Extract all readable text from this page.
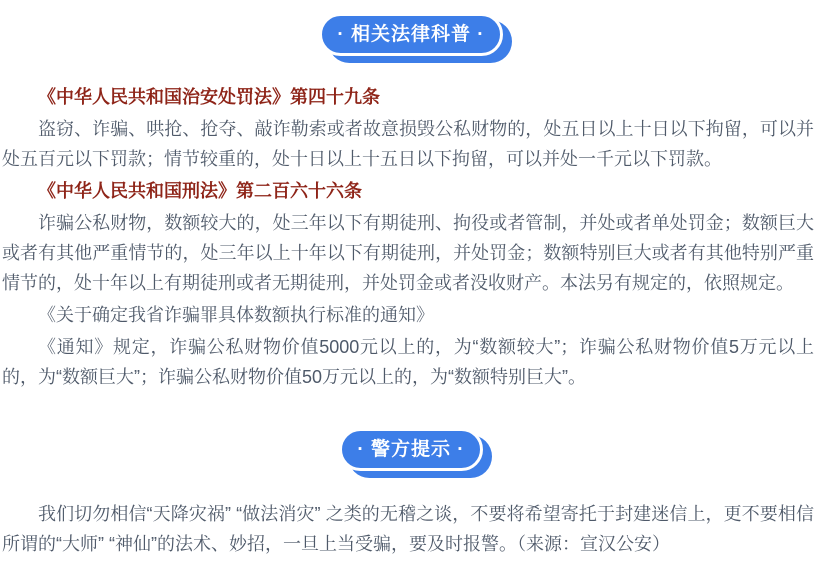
· 相关法律科普 ·

《中华人民共和国治安处罚法》第四十九条

盗窃、诈骗、哄抢、抢夺、敲诈勒索或者故意损毁公私财物的，处五日以上十日以下拘留，可以并处五百元以下罚款；情节较重的，处十日以上十五日以下拘留，可以并处一千元以下罚款。

《中华人民共和国刑法》第二百六十六条

诈骗公私财物，数额较大的，处三年以下有期徒刑、拘役或者管制，并处或者单处罚金；数额巨大或者有其他严重情节的，处三年以上十年以下有期徒刑，并处罚金；数额特别巨大或者有其他特别严重情节的，处十年以上有期徒刑或者无期徒刑，并处罚金或者没收财产。本法另有规定的，依照规定。

《关于确定我省诈骗罪具体数额执行标准的通知》

《通知》规定，诈骗公私财物价值5000元以上的，为“数额较大”；诈骗公私财物价值5万元以上的，为“数额巨大”；诈骗公私财物价值50万元以上的，为“数额特别巨大”。

· 警方提示 ·

我们切勿相信“天降灾祸” “做法消灾” 之类的无稽之谈，不要将希望寄托于封建迷信上，更不要相信所谓的“大师” “神仙”的法术、妙招，一旦上当受骗，要及时报警。（来源：宣汉公安）
